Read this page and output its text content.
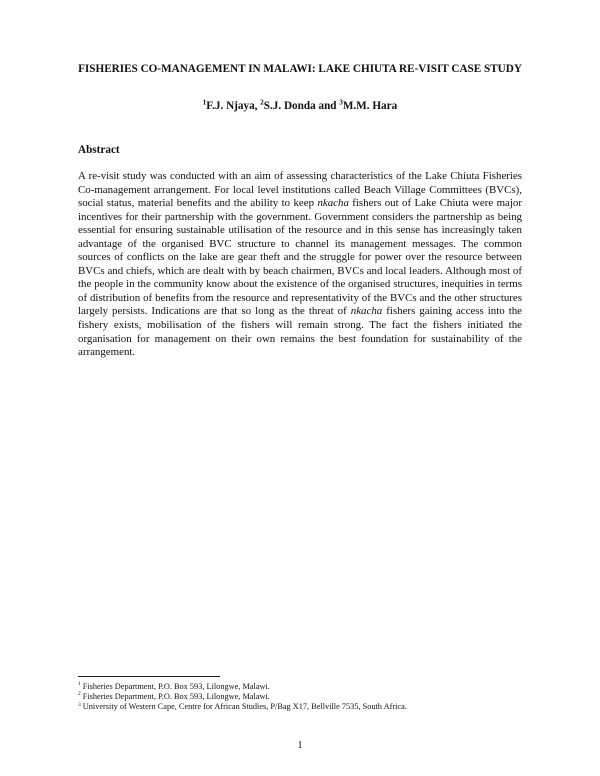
FISHERIES CO-MANAGEMENT IN MALAWI: LAKE CHIUTA RE-VISIT CASE STUDY
$^1$F.J. Njaya, $^2$S.J. Donda and $^3$M.M. Hara
Abstract
A re-visit study was conducted with an aim of assessing characteristics of the Lake Chiuta Fisheries Co-management arrangement. For local level institutions called Beach Village Committees (BVCs), social status, material benefits and the ability to keep nkacha fishers out of Lake Chiuta were major incentives for their partnership with the government. Government considers the partnership as being essential for ensuring sustainable utilisation of the resource and in this sense has increasingly taken advantage of the organised BVC structure to channel its management messages. The common sources of conflicts on the lake are gear theft and the struggle for power over the resource between BVCs and chiefs, which are dealt with by beach chairmen, BVCs and local leaders. Although most of the people in the community know about the existence of the organised structures, inequities in terms of distribution of benefits from the resource and representativity of the BVCs and the other structures largely persists. Indications are that so long as the threat of nkacha fishers gaining access into the fishery exists, mobilisation of the fishers will remain strong. The fact the fishers initiated the organisation for management on their own remains the best foundation for sustainability of the arrangement.
$^1$ Fisheries Department, P.O. Box 593, Lilongwe, Malawi.
$^2$ Fisheries Department, P.O. Box 593, Lilongwe, Malawi.
$^3$ University of Western Cape, Centre for African Studies, P/Bag X17, Bellville 7535, South Africa.
1
